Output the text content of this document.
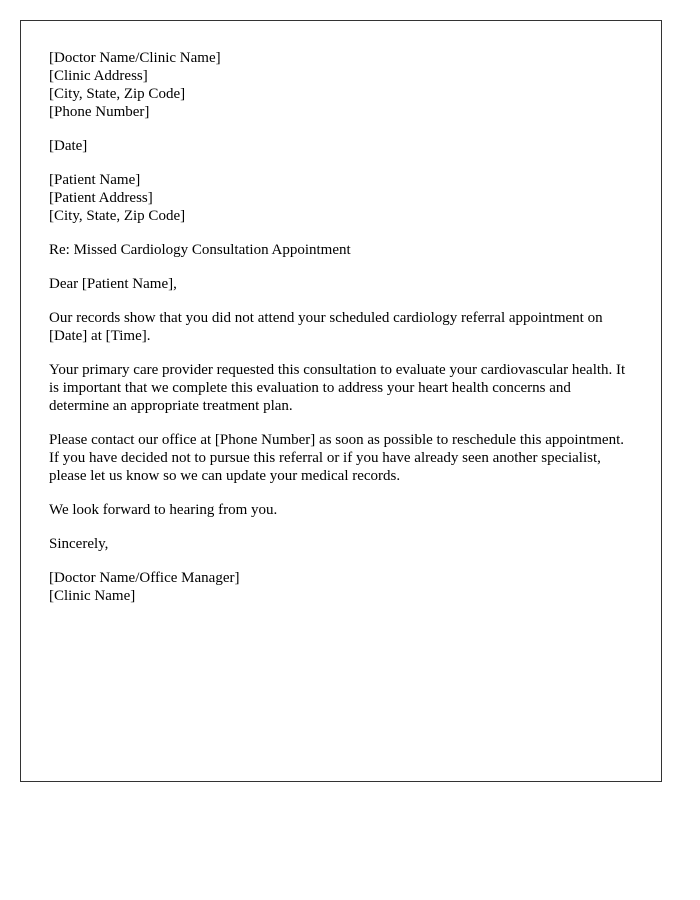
[Doctor Name/Clinic Name]
[Clinic Address]
[City, State, Zip Code]
[Phone Number]
[Date]
[Patient Name]
[Patient Address]
[City, State, Zip Code]

Re: Missed Cardiology Consultation Appointment

Dear [Patient Name],

Our records show that you did not attend your scheduled cardiology referral appointment on [Date] at [Time].

Your primary care provider requested this consultation to evaluate your cardiovascular health. It is important that we complete this evaluation to address your heart health concerns and determine an appropriate treatment plan.

Please contact our office at [Phone Number] as soon as possible to reschedule this appointment. If you have decided not to pursue this referral or if you have already seen another specialist, please let us know so we can update your medical records.

We look forward to hearing from you.

Sincerely,

[Doctor Name/Office Manager]
[Clinic Name]
